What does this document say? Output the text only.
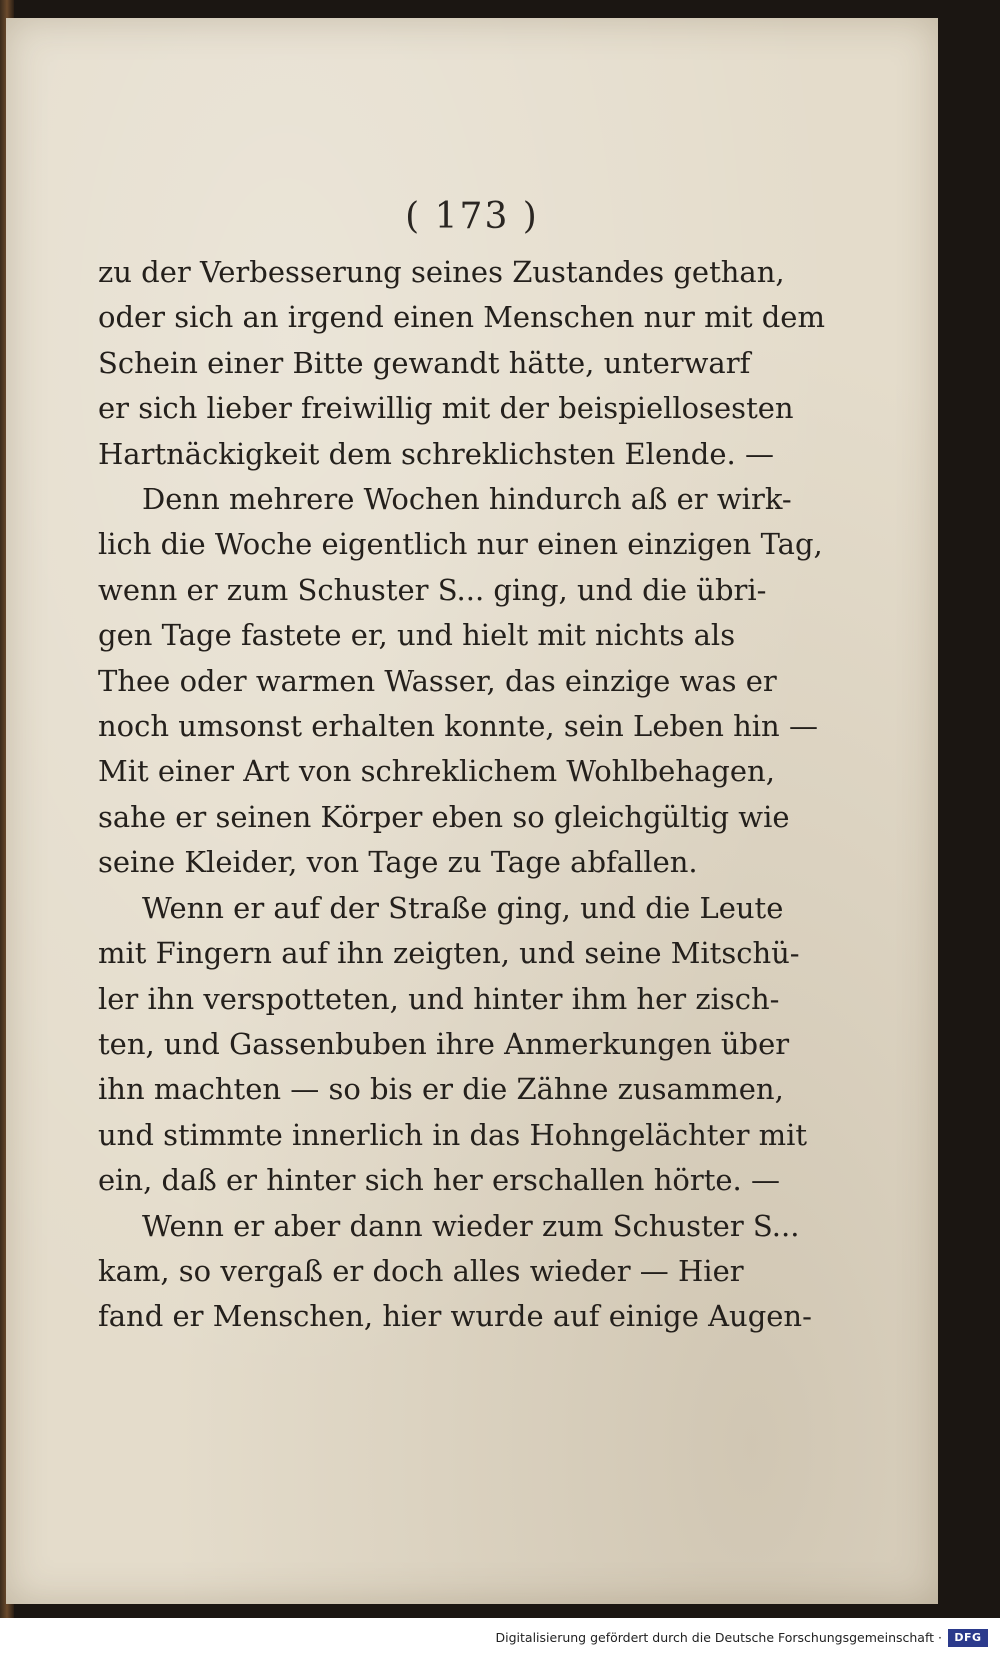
( 173 )
zu der Verbesserung seines Zustandes gethan,
oder sich an irgend einen Menschen nur mit dem
Schein einer Bitte gewandt hätte, unterwarf
er sich lieber freiwillig mit der beispiellosesten
Hartnäckigkeit dem schreklichsten Elende. —
Denn mehrere Wochen hindurch aß er wirk-
lich die Woche eigentlich nur einen einzigen Tag,
wenn er zum Schuster S... ging, und die übri-
gen Tage fastete er, und hielt mit nichts als
Thee oder warmen Wasser, das einzige was er
noch umsonst erhalten konnte, sein Leben hin —
Mit einer Art von schreklichem Wohlbehagen,
sahe er seinen Körper eben so gleichgültig wie
seine Kleider, von Tage zu Tage abfallen.
Wenn er auf der Straße ging, und die Leute
mit Fingern auf ihn zeigten, und seine Mitschü-
ler ihn verspotteten, und hinter ihm her zisch-
ten, und Gassenbuben ihre Anmerkungen über
ihn machten — so bis er die Zähne zusammen,
und stimmte innerlich in das Hohngelächter mit
ein, daß er hinter sich her erschallen hörte. —
Wenn er aber dann wieder zum Schuster S...
kam, so vergaß er doch alles wieder — Hier
fand er Menschen, hier wurde auf einige Augen-
Digitalisierung gefördert durch die Deutsche Forschungsgemeinschaft ·	DFG
